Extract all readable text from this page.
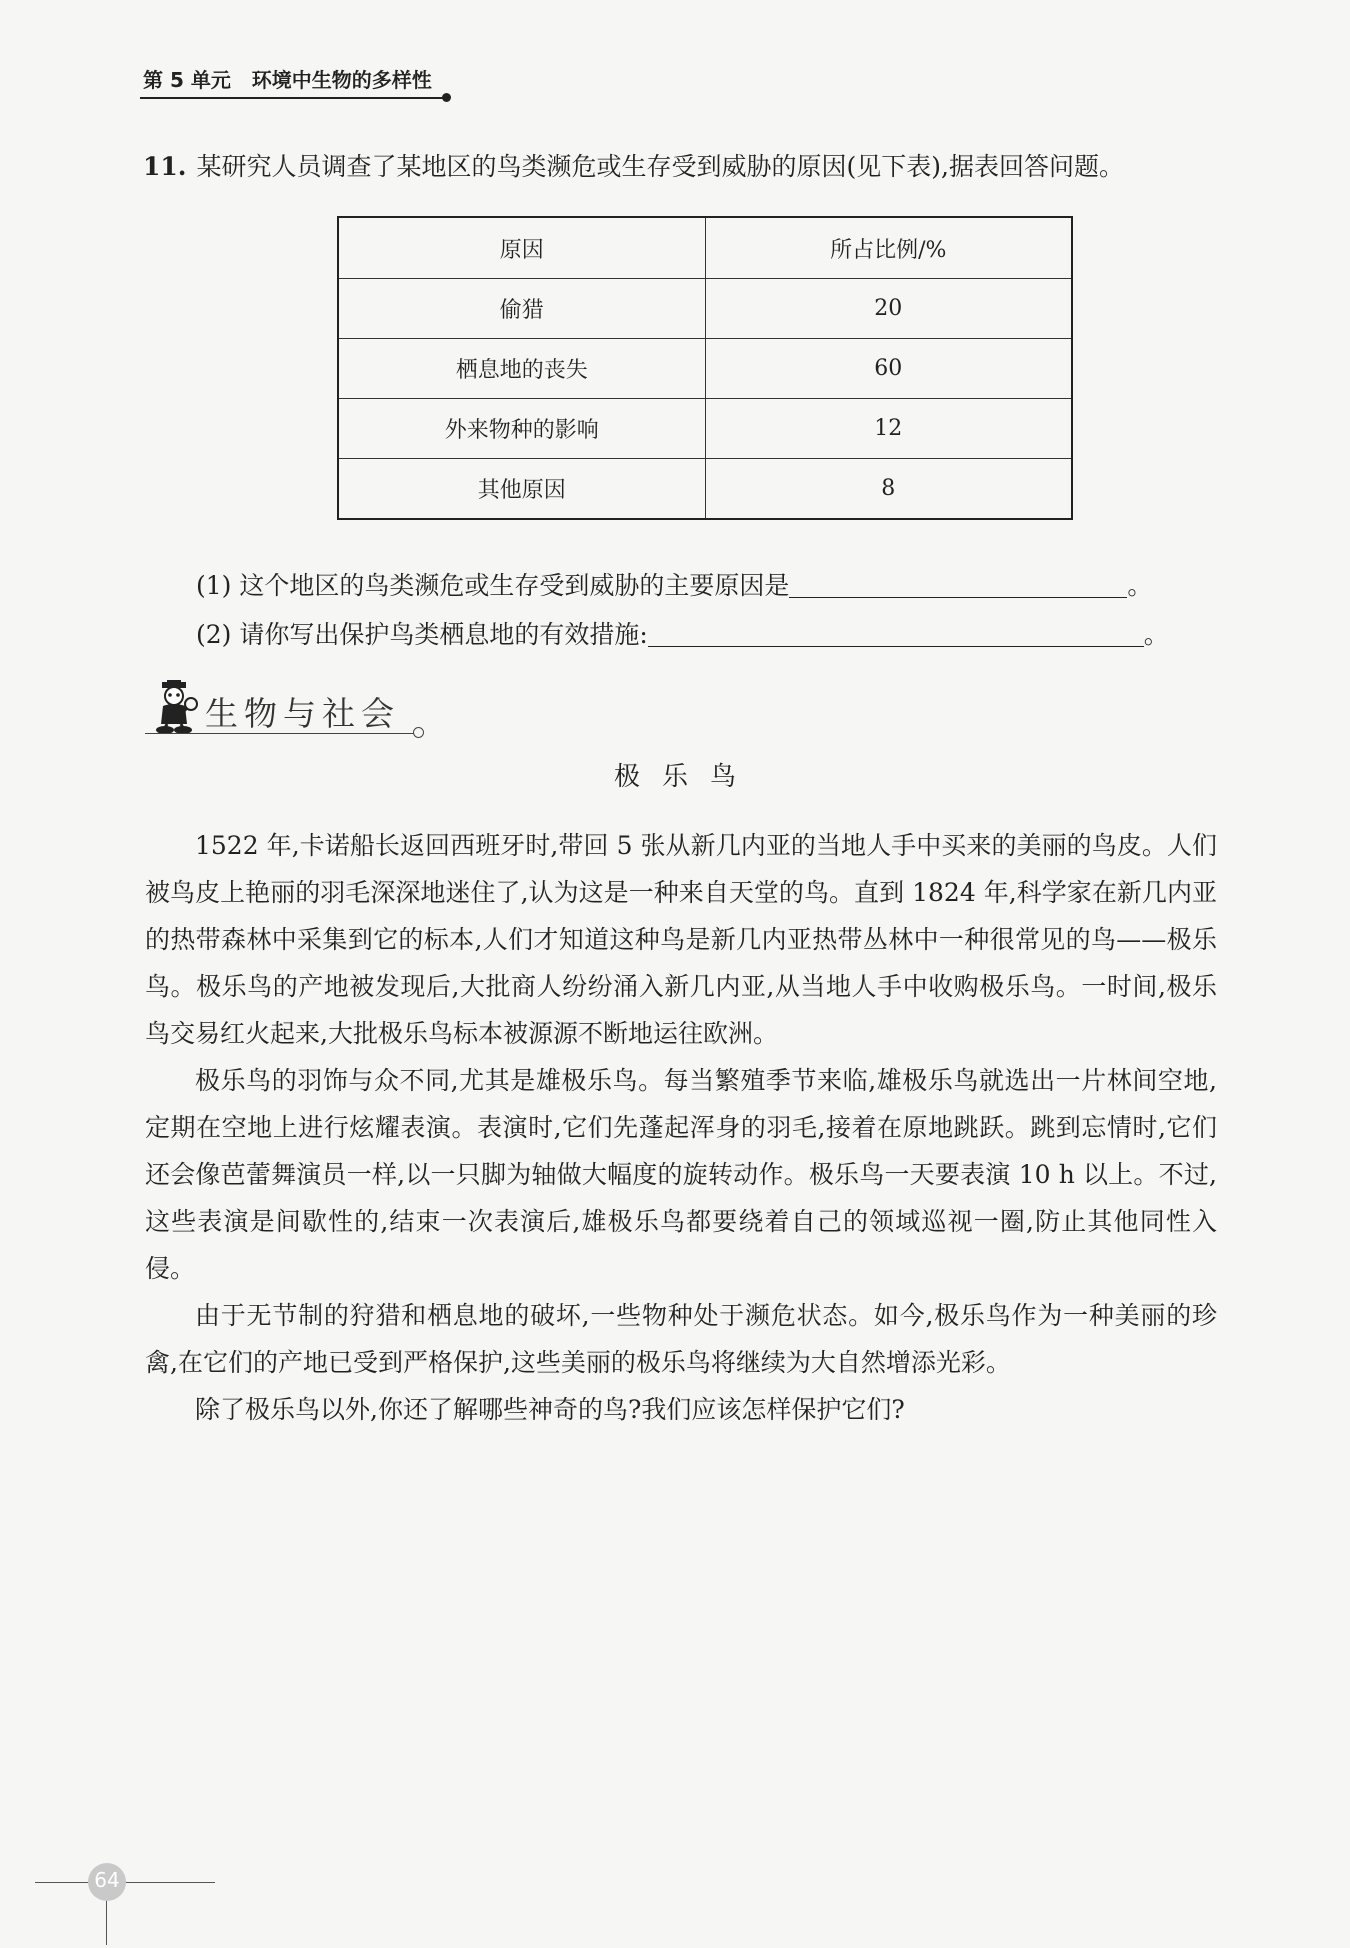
第 5 单元 环境中生物的多样性
11. 某研究人员调查了某地区的鸟类濒危或生存受到威胁的原因(见下表),据表回答问题。
原因	所占比例/%
偷猎	20
栖息地的丧失	60
外来物种的影响	12
其他原因	8
(1) 这个地区的鸟类濒危或生存受到威胁的主要原因是	。
(2) 请你写出保护鸟类栖息地的有效措施:	。
生物与社会
极乐鸟

1522 年,卡诺船长返回西班牙时,带回 5 张从新几内亚的当地人手中买来的美丽的鸟皮。人们被鸟皮上艳丽的羽毛深深地迷住了,认为这是一种来自天堂的鸟。直到 1824 年,科学家在新几内亚的热带森林中采集到它的标本,人们才知道这种鸟是新几内亚热带丛林中一种很常见的鸟——极乐鸟。极乐鸟的产地被发现后,大批商人纷纷涌入新几内亚,从当地人手中收购极乐鸟。一时间,极乐鸟交易红火起来,大批极乐鸟标本被源源不断地运往欧洲。

极乐鸟的羽饰与众不同,尤其是雄极乐鸟。每当繁殖季节来临,雄极乐鸟就选出一片林间空地,定期在空地上进行炫耀表演。表演时,它们先蓬起浑身的羽毛,接着在原地跳跃。跳到忘情时,它们还会像芭蕾舞演员一样,以一只脚为轴做大幅度的旋转动作。极乐鸟一天要表演 10 h 以上。不过,这些表演是间歇性的,结束一次表演后,雄极乐鸟都要绕着自己的领域巡视一圈,防止其他同性入侵。

由于无节制的狩猎和栖息地的破坏,一些物种处于濒危状态。如今,极乐鸟作为一种美丽的珍禽,在它们的产地已受到严格保护,这些美丽的极乐鸟将继续为大自然增添光彩。

除了极乐鸟以外,你还了解哪些神奇的鸟?我们应该怎样保护它们?

64
